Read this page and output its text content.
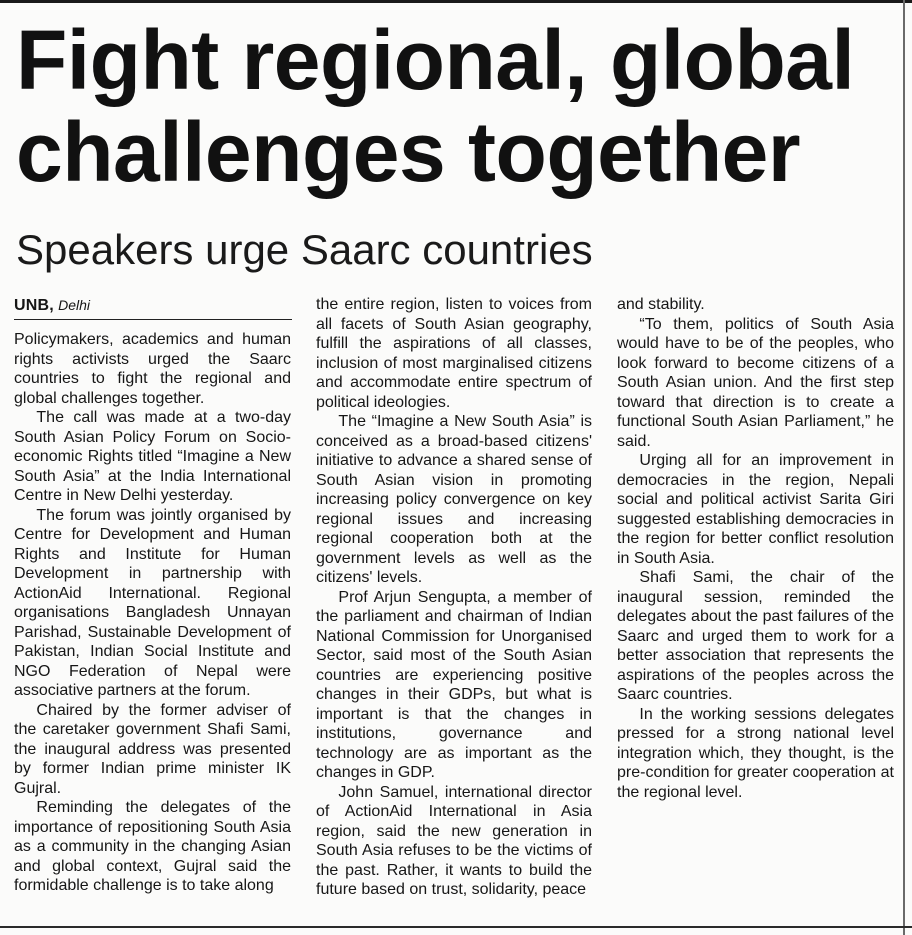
Fight regional, global
challenges together
Speakers urge Saarc countries
UNB, Delhi

Policymakers, academics and human rights activists urged the Saarc countries to fight the regional and global challenges together.

The call was made at a two-day South Asian Policy Forum on Socio-economic Rights titled “Imagine a New South Asia” at the India International Centre in New Delhi yesterday.

The forum was jointly organised by Centre for Development and Human Rights and Institute for Human Development in partnership with ActionAid International. Regional organisations Bangladesh Unnayan Parishad, Sustainable Development of Pakistan, Indian Social Institute and NGO Federation of Nepal were associative partners at the forum.

Chaired by the former adviser of the caretaker government Shafi Sami, the inaugural address was presented by former Indian prime minister IK Gujral.

Reminding the delegates of the importance of repositioning South Asia as a community in the changing Asian and global context, Gujral said the formidable challenge is to take along

the entire region, listen to voices from all facets of South Asian geography, fulfill the aspirations of all classes, inclusion of most marginalised citizens and accommodate entire spectrum of political ideologies.

The “Imagine a New South Asia” is conceived as a broad-based citizens' initiative to advance a shared sense of South Asian vision in promoting increasing policy convergence on key regional issues and increasing regional cooperation both at the government levels as well as the citizens' levels.

Prof Arjun Sengupta, a member of the parliament and chairman of Indian National Commission for Unorganised Sector, said most of the South Asian countries are experiencing positive changes in their GDPs, but what is important is that the changes in institutions, governance and technology are as important as the changes in GDP.

John Samuel, international director of ActionAid International in Asia region, said the new generation in South Asia refuses to be the victims of the past. Rather, it wants to build the future based on trust, solidarity, peace

and stability.

“To them, politics of South Asia would have to be of the peoples, who look forward to become citizens of a South Asian union. And the first step toward that direction is to create a functional South Asian Parliament,” he said.

Urging all for an improvement in democracies in the region, Nepali social and political activist Sarita Giri suggested establishing democracies in the region for better conflict resolution in South Asia.

Shafi Sami, the chair of the inaugural session, reminded the delegates about the past failures of the Saarc and urged them to work for a better association that represents the aspirations of the peoples across the Saarc countries.

In the working sessions delegates pressed for a strong national level integration which, they thought, is the pre-condition for greater cooperation at the regional level.
